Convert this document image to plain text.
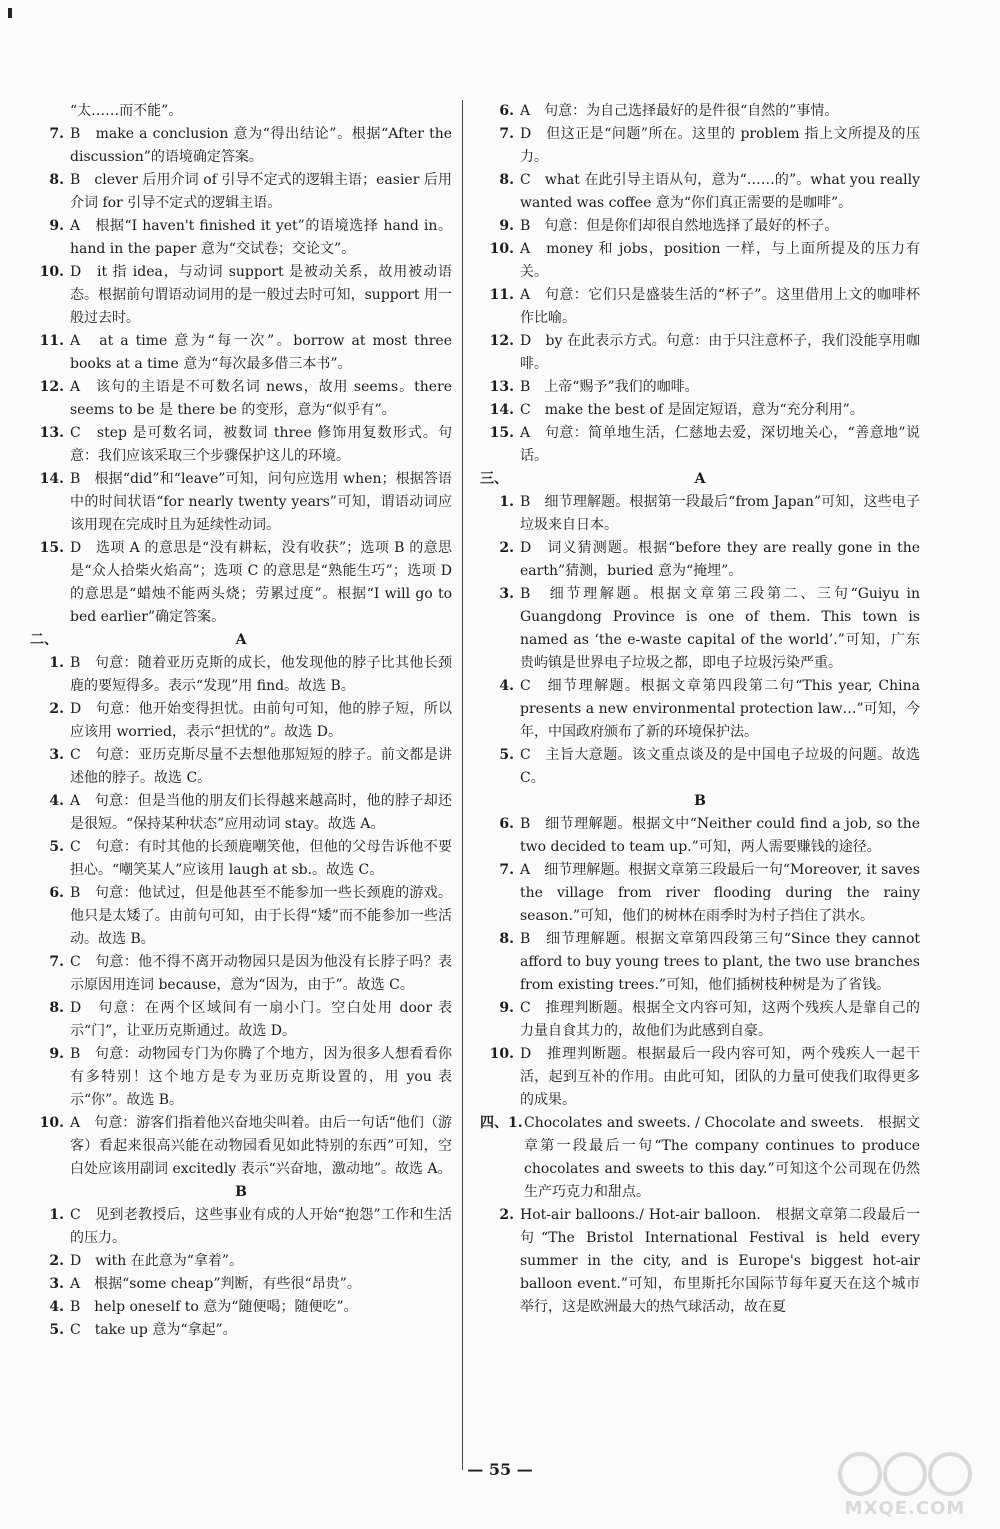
“太……而不能”。
7. B　make a conclusion 意为“得出结论”。根据“After the discussion”的语境确定答案。
8. B　clever 后用介词 of 引导不定式的逻辑主语；easier 后用介词 for 引导不定式的逻辑主语。
9. A　根据“I haven't finished it yet”的语境选择 hand in。hand in the paper 意为“交试卷；交论文”。
10. D　it 指 idea，与动词 support 是被动关系，故用被动语态。根据前句谓语动词用的是一般过去时可知，support 用一般过去时。
11. A　at a time 意为“每一次”。borrow at most three books at a time 意为“每次最多借三本书”。
12. A　该句的主语是不可数名词 news，故用 seems。there seems to be 是 there be 的变形，意为“似乎有”。
13. C　step 是可数名词，被数词 three 修饰用复数形式。句意：我们应该采取三个步骤保护这儿的环境。
14. B　根据“did”和“leave”可知，问句应选用 when；根据答语中的时间状语“for nearly twenty years”可知，谓语动词应该用现在完成时且为延续性动词。
15. D　选项 A 的意思是“没有耕耘，没有收获”；选项 B 的意思是“众人拾柴火焰高”；选项 C 的意思是“熟能生巧”；选项 D 的意思是“蜡烛不能两头烧；劳累过度”。根据“I will go to bed earlier”确定答案。
二、	A
1. B　句意：随着亚历克斯的成长，他发现他的脖子比其他长颈鹿的要短得多。表示“发现”用 find。故选 B。
2. D　句意：他开始变得担忧。由前句可知，他的脖子短，所以应该用 worried，表示“担忧的”。故选 D。
3. C　句意：亚历克斯尽量不去想他那短短的脖子。前文都是讲述他的脖子。故选 C。
4. A　句意：但是当他的朋友们长得越来越高时，他的脖子却还是很短。“保持某种状态”应用动词 stay。故选 A。
5. C　句意：有时其他的长颈鹿嘲笑他，但他的父母告诉他不要担心。“嘲笑某人”应该用 laugh at sb.。故选 C。
6. B　句意：他试过，但是他甚至不能参加一些长颈鹿的游戏。他只是太矮了。由前句可知，由于长得“矮”而不能参加一些活动。故选 B。
7. C　句意：他不得不离开动物园只是因为他没有长脖子吗？表示原因用连词 because，意为“因为，由于”。故选 C。
8. D　句意：在两个区域间有一扇小门。空白处用 door 表示“门”，让亚历克斯通过。故选 D。
9. B　句意：动物园专门为你腾了个地方，因为很多人想看看你有多特别！这个地方是专为亚历克斯设置的，用 you 表示“你”。故选 B。
10. A　句意：游客们指着他兴奋地尖叫着。由后一句话“他们（游客）看起来很高兴能在动物园看见如此特别的东西”可知，空白处应该用副词 excitedly 表示“兴奋地，激动地”。故选 A。
B
1. C　见到老教授后，这些事业有成的人开始“抱怨”工作和生活的压力。
2. D　with 在此意为“拿着”。
3. A　根据“some cheap”判断，有些很“昂贵”。
4. B　help oneself to 意为“随便喝；随便吃”。
5. C　take up 意为“拿起”。
6. A　句意：为自己选择最好的是件很“自然的”事情。
7. D　但这正是“问题”所在。这里的 problem 指上文所提及的压力。
8. C　what 在此引导主语从句，意为“……的”。what you really wanted was coffee 意为“你们真正需要的是咖啡”。
9. B　句意：但是你们却很自然地选择了最好的杯子。
10. A　money 和 jobs，position 一样，与上面所提及的压力有关。
11. A　句意：它们只是盛装生活的“杯子”。这里借用上文的咖啡杯作比喻。
12. D　by 在此表示方式。句意：由于只注意杯子，我们没能享用咖啡。
13. B　上帝“赐予”我们的咖啡。
14. C　make the best of 是固定短语，意为“充分利用”。
15. A　句意：简单地生活，仁慈地去爱，深切地关心，“善意地”说话。
三、	A
1. B　细节理解题。根据第一段最后“from Japan”可知，这些电子垃圾来自日本。
2. D　词义猜测题。根据“before they are really gone in the earth”猜测，buried 意为“掩埋”。
3. B　细节理解题。根据文章第三段第二、三句“Guiyu in Guangdong Province is one of them. This town is named as ‘the e-waste capital of the world’.”可知，广东贵屿镇是世界电子垃圾之都，即电子垃圾污染严重。
4. C　细节理解题。根据文章第四段第二句“This year, China presents a new environmental protection law…”可知，今年，中国政府颁布了新的环境保护法。
5. C　主旨大意题。该文重点谈及的是中国电子垃圾的问题。故选 C。
B
6. B　细节理解题。根据文中“Neither could find a job, so the two decided to team up.”可知，两人需要赚钱的途径。
7. A　细节理解题。根据文章第三段最后一句“Moreover, it saves the village from river flooding during the rainy season.”可知，他们的树林在雨季时为村子挡住了洪水。
8. B　细节理解题。根据文章第四段第三句“Since they cannot afford to buy young trees to plant, the two use branches from existing trees.”可知，他们插树枝种树是为了省钱。
9. C　推理判断题。根据全文内容可知，这两个残疾人是靠自己的力量自食其力的，故他们为此感到自豪。
10. D　推理判断题。根据最后一段内容可知，两个残疾人一起干活，起到互补的作用。由此可知，团队的力量可使我们取得更多的成果。
四、 1. Chocolates and sweets. / Chocolate and sweets.　根据文章第一段最后一句“The company continues to produce chocolates and sweets to this day.”可知这个公司现在仍然生产巧克力和甜点。
2. Hot-air balloons./ Hot-air balloon.　根据文章第二段最后一句“The Bristol International Festival is held every summer in the city, and is Europe's biggest hot-air balloon event.”可知，布里斯托尔国际节每年夏天在这个城市举行，这是欧洲最大的热气球活动，故在夏
— 55 —
MXQE.COM
